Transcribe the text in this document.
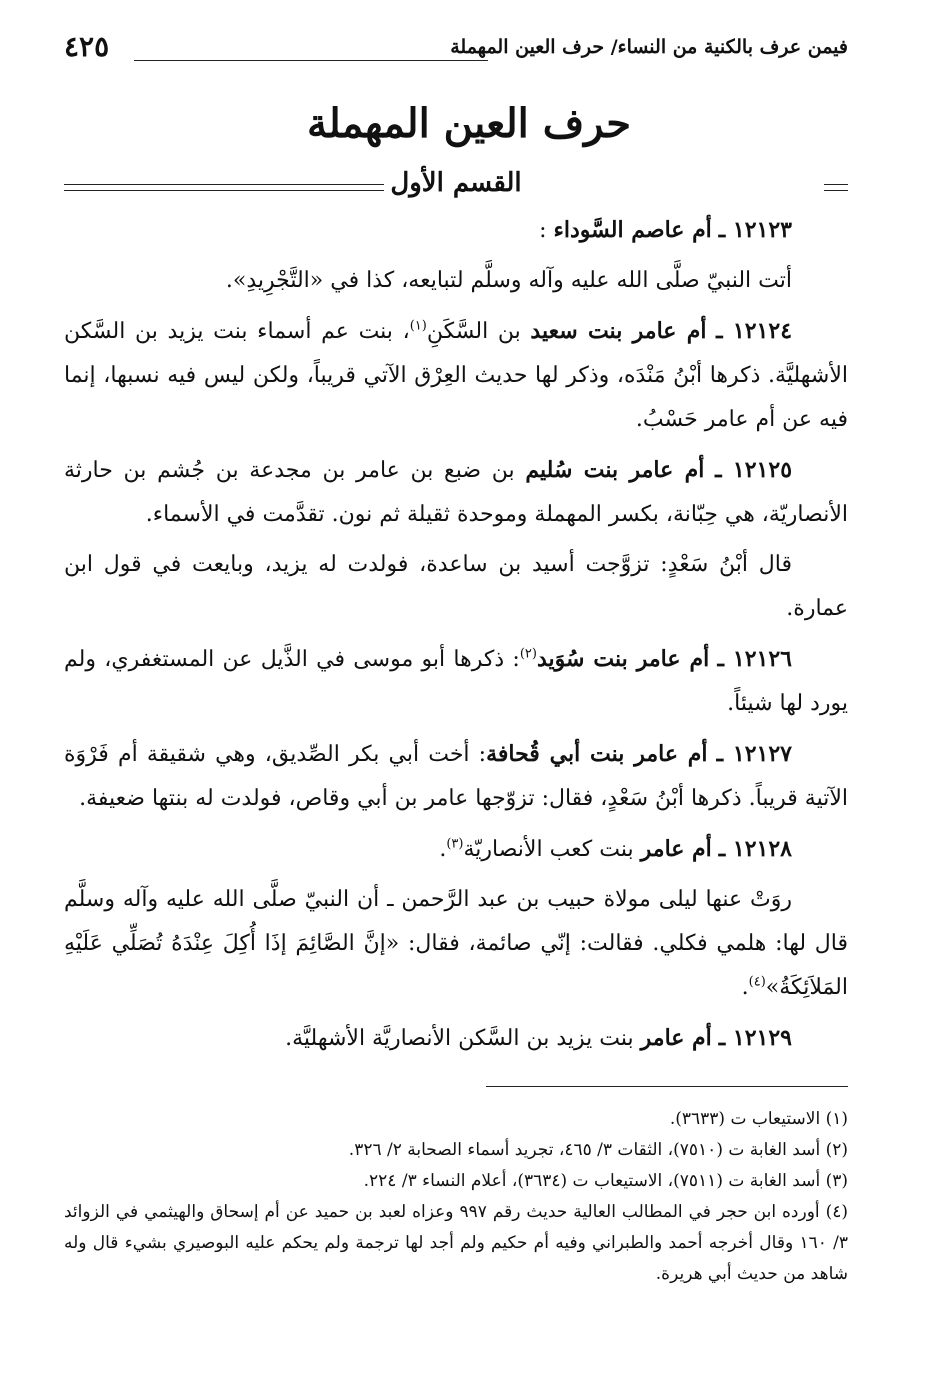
فيمن عرف بالكنية من النساء/ حرف العين المهملة
٤٢٥
حرف العين المهملة
القسم الأول

١٢١٢٣ ـ أم عاصم السَّوداء :

أتت النبيّ صلَّى الله عليه وآله وسلَّم لتبايعه، كذا في «التَّجْرِيدِ».

١٢١٢٤ ـ أم عامر بنت سعيد بن السَّكَنِ$^{(١)}$، بنت عم أسماء بنت يزيد بن السَّكن الأشهليَّة. ذكرها أبْنُ مَنْدَه، وذكر لها حديث العِرْق الآتي قريباً، ولكن ليس فيه نسبها، إنما فيه عن أم عامر حَسْبُ.

١٢١٢٥ ـ أم عامر بنت سُليم بن ضبع بن عامر بن مجدعة بن جُشم بن حارثة الأنصاريّة، هي حِبّانة، بكسر المهملة وموحدة ثقيلة ثم نون. تقدَّمت في الأسماء.

قال أبْنُ سَعْدٍ: تزوَّجت أسيد بن ساعدة، فولدت له يزيد، وبايعت في قول ابن عمارة.

١٢١٢٦ ـ أم عامر بنت سُوَيد$^{(٢)}$: ذكرها أبو موسى في الذَّيل عن المستغفري، ولم يورد لها شيئاً.

١٢١٢٧ ـ أم عامر بنت أبي قُحافة: أخت أبي بكر الصِّديق، وهي شقيقة أم فَرْوَة الآتية قريباً. ذكرها أبْنُ سَعْدٍ، فقال: تزوّجها عامر بن أبي وقاص، فولدت له بنتها ضعيفة.

١٢١٢٨ ـ أم عامر بنت كعب الأنصاريّة$^{(٣)}$.

روَتْ عنها ليلى مولاة حبيب بن عبد الرَّحمن ـ أن النبيّ صلَّى الله عليه وآله وسلَّم قال لها: هلمي فكلي. فقالت: إنّي صائمة، فقال: «إنَّ الصَّائِمَ إذَا أُكِلَ عِنْدَهُ تُصَلِّي عَلَيْهِ المَلاَئِكَةُ»$^{(٤)}$.

١٢١٢٩ ـ أم عامر بنت يزيد بن السَّكن الأنصاريَّة الأشهليَّة.

(١) الاستيعاب ت (٣٦٣٣).

(٢) أسد الغابة ت (٧٥١٠)، الثقات ٣/ ٤٦٥، تجريد أسماء الصحابة ٢/ ٣٢٦.

(٣) أسد الغابة ت (٧٥١١)، الاستيعاب ت (٣٦٣٤)، أعلام النساء ٣/ ٢٢٤.

(٤) أورده ابن حجر في المطالب العالية حديث رقم ٩٩٧ وعزاه لعبد بن حميد عن أم إسحاق والهيثمي في الزوائد ٣/ ١٦٠ وقال أخرجه أحمد والطبراني وفيه أم حكيم ولم أجد لها ترجمة ولم يحكم عليه البوصيري بشيء قال وله شاهد من حديث أبي هريرة.
